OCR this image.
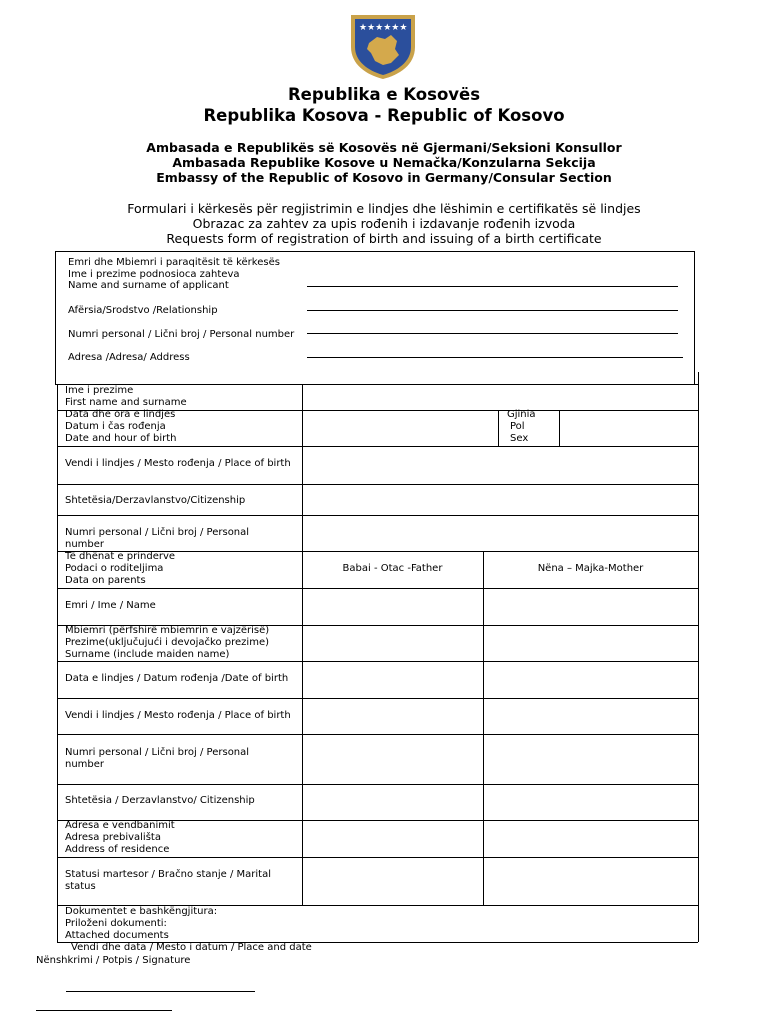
★★★★★★
Republika e Kosovës
Republika Kosova - Republic of Kosovo
Ambasada e Republikës së Kosovës në Gjermani/Seksioni Konsullor
Ambasada Republike Kosove u Nemačka/Konzularna Sekcija
Embassy of the Republic of Kosovo in Germany/Consular Section
Formulari i kërkesës për regjistrimin e lindjes dhe lëshimin e certifikatës së lindjes
Obrazac za zahtev za upis rođenih i izdavanje rođenih izvoda
Requests form of registration of birth and issuing of a birth certificate
Emri dhe Mbiemri i paraqitësit të kërkesës
Ime i prezime podnosioca zahteva
Name and surname of applicant
Afërsia/Srodstvo /Relationship
Numri personal / Lični broj / Personal number
Adresa /Adresa/ Address
Ime i prezime
First name and surname
Data dhe ora e lindjes
Datum i čas rođenja
Date and hour of birth
Gjinia
Pol
Sex
Vendi i lindjes / Mesto rođenja / Place of birth
Shtetësia/Derzavlanstvo/Citizenship
Numri personal / Lični broj / Personal
number
Të dhënat e prinderve
Podaci o roditeljima
Data on parents
Babai - Otac -Father	Nëna – Majka-Mother
Emri / Ime / Name
Mbiemri (përfshirë mbiemrin e vajzërisë)
Prezime(uključujući i devojačko prezime)
Surname (include maiden name)
Data e lindjes / Datum rođenja /Date of birth
Vendi i lindjes / Mesto rođenja / Place of birth
Numri personal / Lični broj / Personal
number
Shtetësia / Derzavlanstvo/ Citizenship
Adresa e vendbanimit
Adresa prebivališta
Address of residence
Statusi martesor / Bračno stanje / Marital
status
Dokumentet e bashkëngjitura:
Priloženi dokumenti:
Attached documents
Vendi dhe data / Mesto i datum / Place and date
Nënshkrimi / Potpis / Signature
